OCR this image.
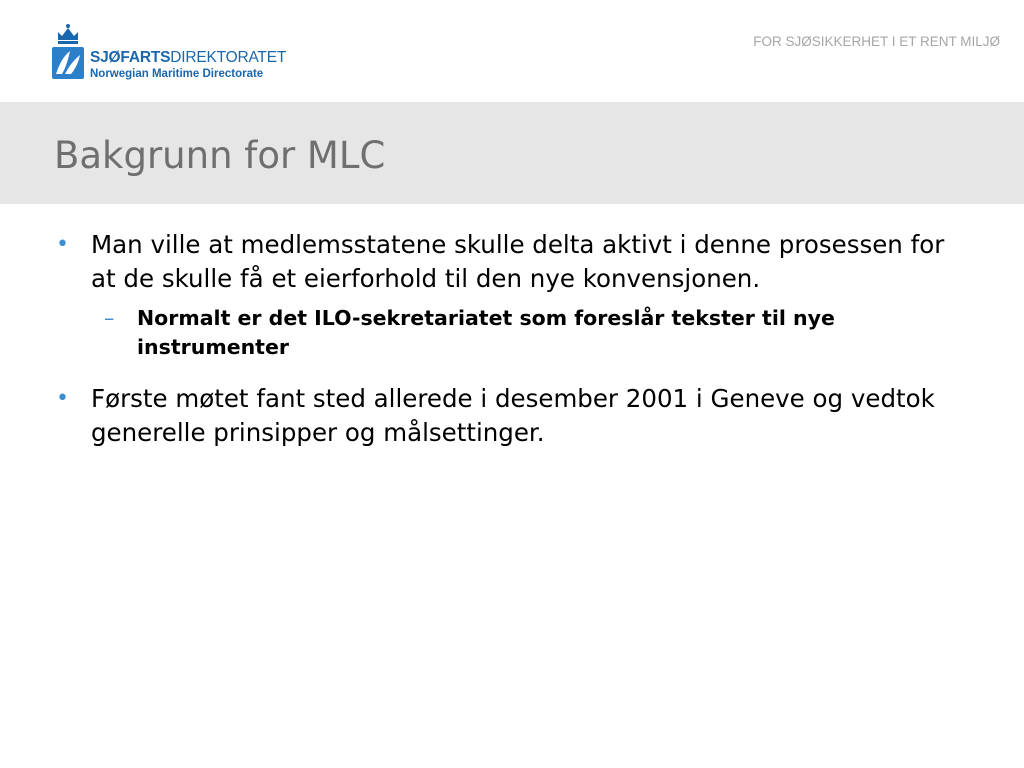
SJØFARTSDIREKTORATET
Norwegian Maritime Directorate
FOR SJØSIKKERHET I ET RENT MILJØ
Bakgrunn for MLC
• Man ville at medlemsstatene skulle delta aktivt i denne prosessen for at de skulle få et eierforhold til den nye konvensjonen.
– Normalt er det ILO-sekretariatet som foreslår tekster til nye instrumenter
• Første møtet fant sted allerede i desember 2001 i Geneve og vedtok generelle prinsipper og målsettinger.
